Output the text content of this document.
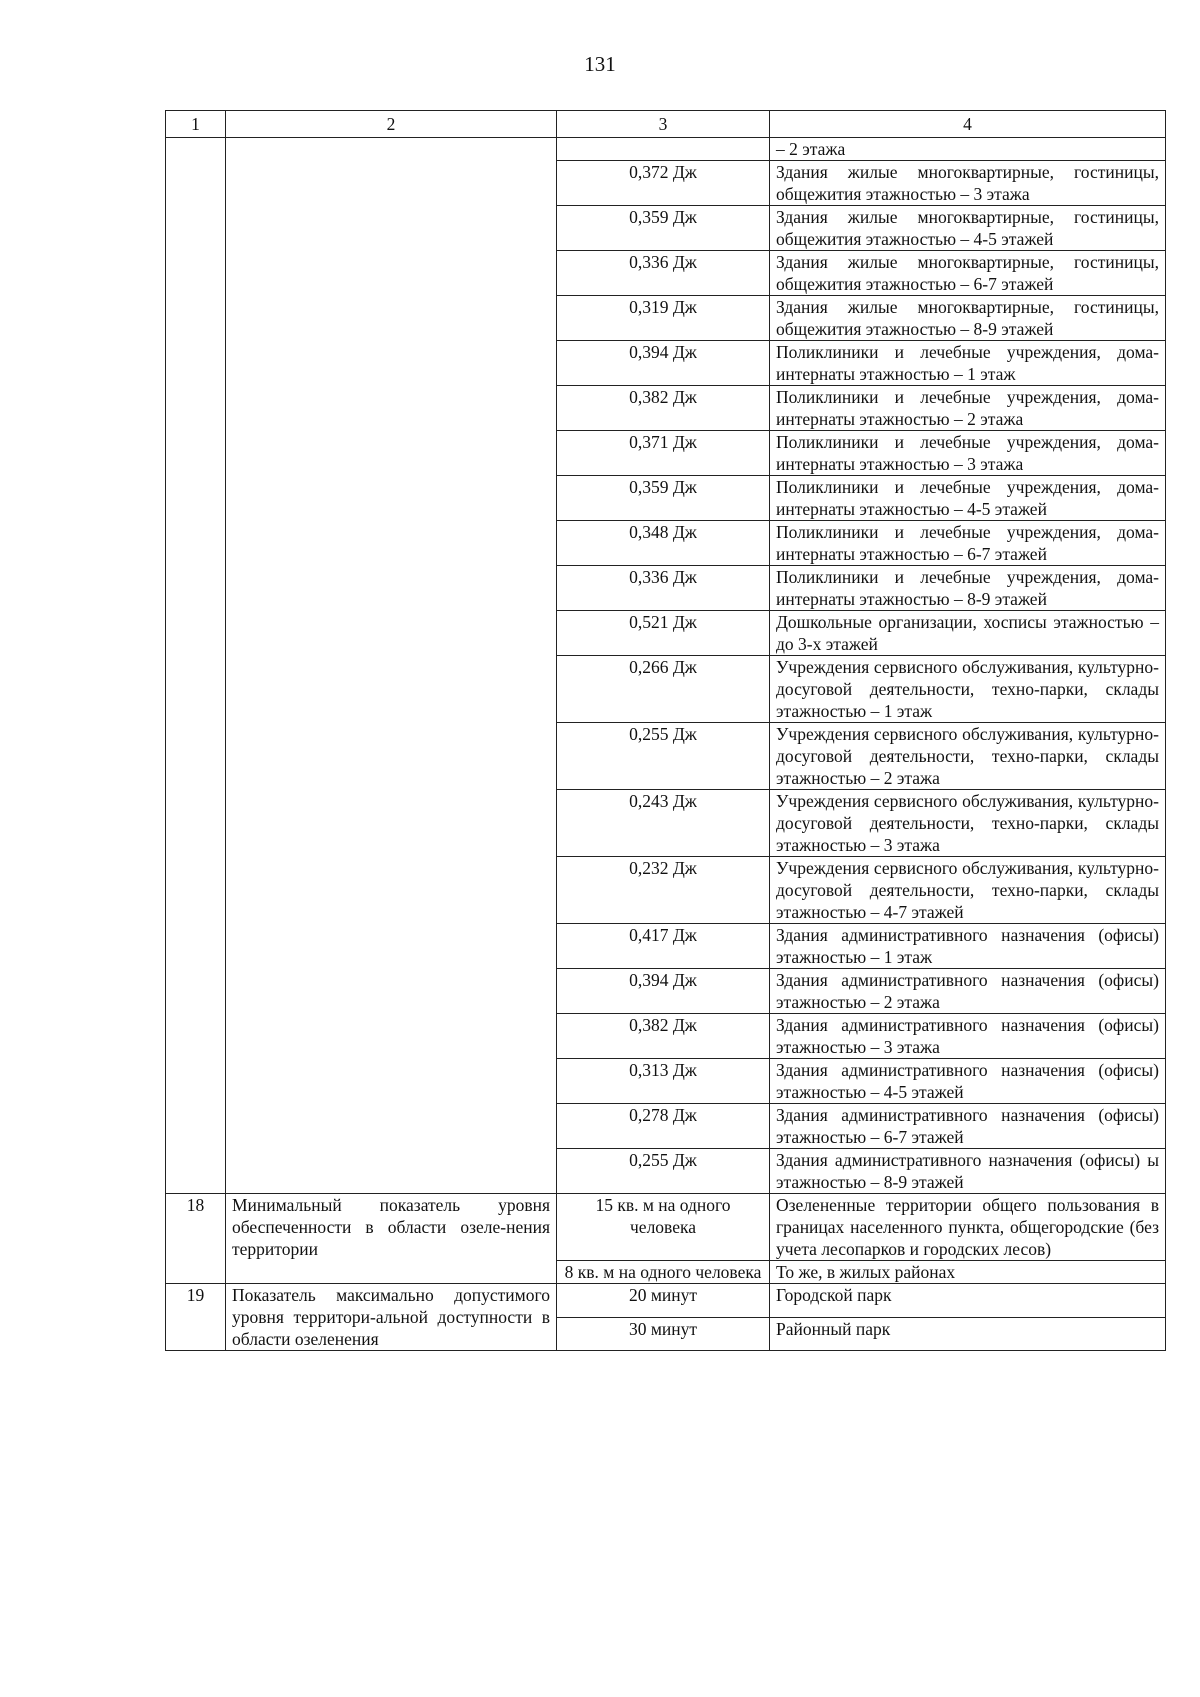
131
1	2	3	4
			– 2 этажа
		0,372 Дж	Здания жилые многоквартирные, гостиницы, общежития этажностью – 3 этажа
		0,359 Дж	Здания жилые многоквартирные, гостиницы, общежития этажностью – 4-5 этажей
		0,336 Дж	Здания жилые многоквартирные, гостиницы, общежития этажностью – 6-7 этажей
		0,319 Дж	Здания жилые многоквартирные, гостиницы, общежития этажностью – 8-9 этажей
		0,394 Дж	Поликлиники и лечебные учреждения, дома-интернаты этажностью – 1 этаж
		0,382 Дж	Поликлиники и лечебные учреждения, дома-интернаты этажностью – 2 этажа
		0,371 Дж	Поликлиники и лечебные учреждения, дома-интернаты этажностью – 3 этажа
		0,359 Дж	Поликлиники и лечебные учреждения, дома-интернаты этажностью – 4-5 этажей
		0,348 Дж	Поликлиники и лечебные учреждения, дома-интернаты этажностью – 6-7 этажей
		0,336 Дж	Поликлиники и лечебные учреждения, дома-интернаты этажностью – 8-9 этажей
		0,521 Дж	Дошкольные организации, хосписы этажностью – до 3-х этажей
		0,266 Дж	Учреждения сервисного обслуживания, культурно-досуговой деятельности, техно-парки, склады этажностью – 1 этаж
		0,255 Дж	Учреждения сервисного обслуживания, культурно-досуговой деятельности, техно-парки, склады этажностью – 2 этажа
		0,243 Дж	Учреждения сервисного обслуживания, культурно-досуговой деятельности, техно-парки, склады этажностью – 3 этажа
		0,232 Дж	Учреждения сервисного обслуживания, культурно-досуговой деятельности, техно-парки, склады этажностью – 4-7 этажей
		0,417 Дж	Здания административного назначения (офисы) этажностью – 1 этаж
		0,394 Дж	Здания административного назначения (офисы) этажностью – 2 этажа
		0,382 Дж	Здания административного назначения (офисы) этажностью – 3 этажа
		0,313 Дж	Здания административного назначения (офисы) этажностью – 4-5 этажей
		0,278 Дж	Здания административного назначения (офисы) этажностью – 6-7 этажей
		0,255 Дж	Здания административного назначения (офисы) ы этажностью – 8-9 этажей
18	Минимальный показатель уровня обеспеченности в области озеле-нения территории	15 кв. м на одного человека	Озелененные территории общего пользования в границах населенного пункта, общегородские (без учета лесопарков и городских лесов)
		8 кв. м на одного человека	То же, в жилых районах
19	Показатель максимально допустимого уровня территори-альной доступности в области озеленения	20 минут	Городской парк
		30 минут	Районный парк
